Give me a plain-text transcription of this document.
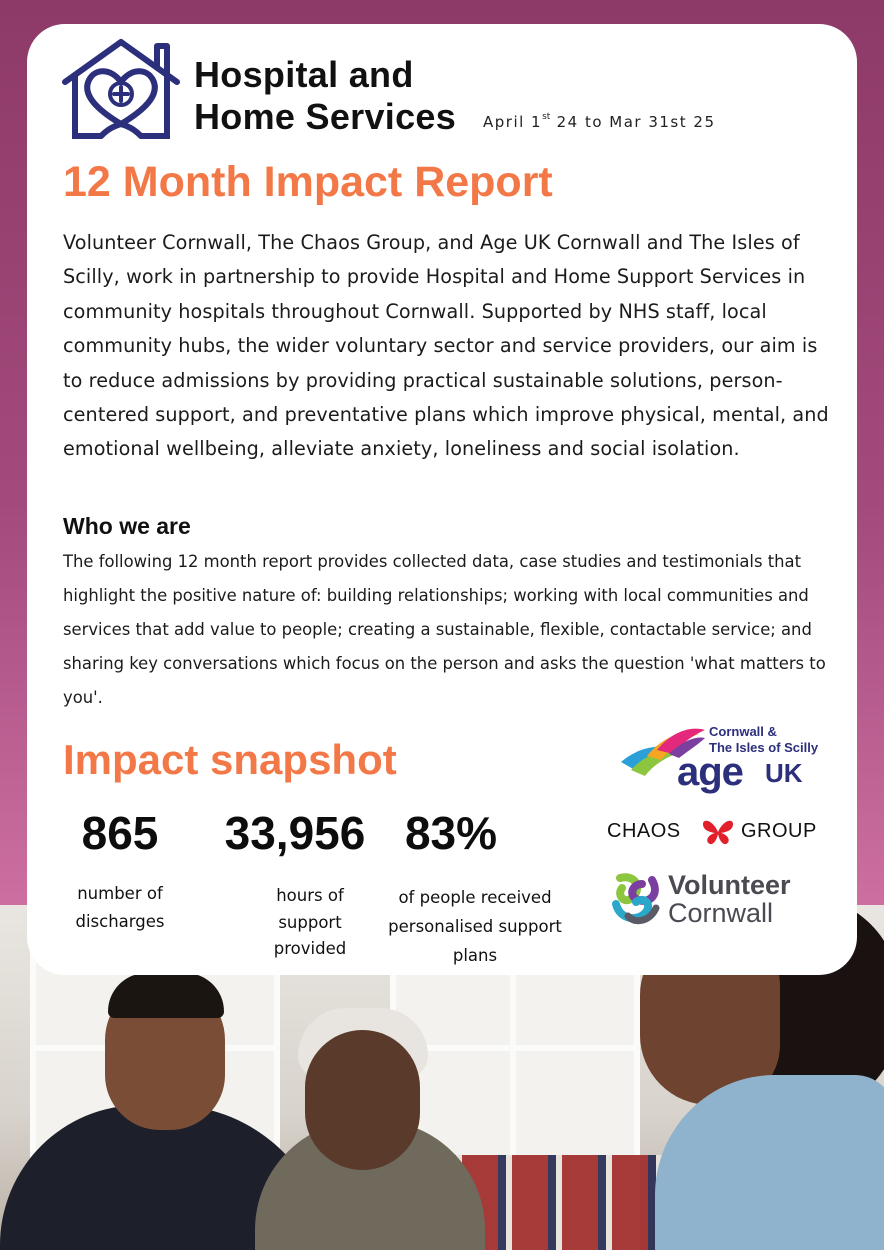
Hospital and
Home Services April 1st 24 to Mar 31st 25
12 Month Impact Report

Volunteer Cornwall, The Chaos Group, and Age UK Cornwall and The Isles of Scilly, work in partnership to provide Hospital and Home Support Services in community hospitals throughout Cornwall. Supported by NHS staff, local community hubs, the wider voluntary sector and service providers, our aim is to reduce admissions by providing practical sustainable solutions, person-centered support, and preventative plans which improve physical, mental, and emotional wellbeing, alleviate anxiety, loneliness and social isolation.

Who we are

The following 12 month report provides collected data, case studies and testimonials that highlight the positive nature of: building relationships; working with local communities and services that add value to people; creating a sustainable, flexible, contactable service; and sharing key conversations which focus on the person and asks the question 'what matters to you'.

Impact snapshot
865
number of
discharges
33,956
hours of
support
provided
83%
of people received
personalised support
plans
Cornwall &
The Isles of Scilly
age UK
CHAOS	GROUP
Volunteer
Cornwall
